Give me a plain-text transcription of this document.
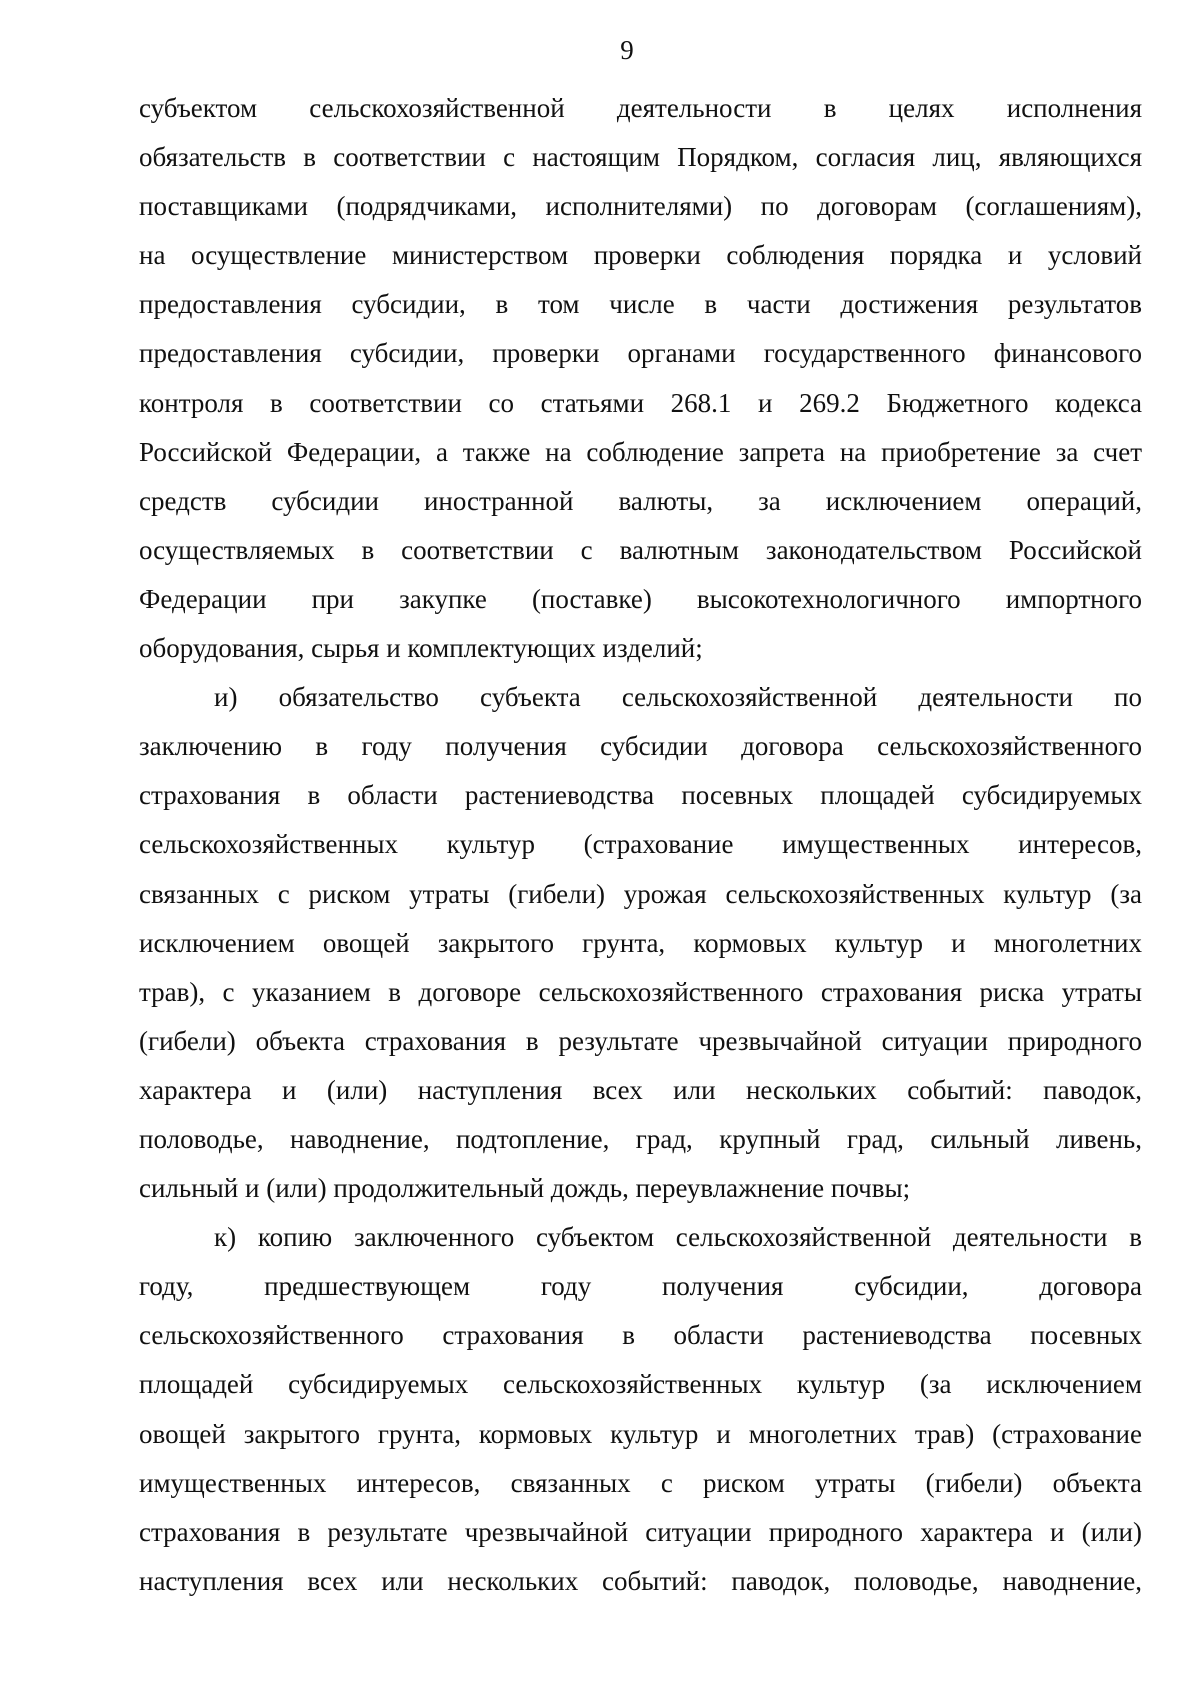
9
субъектом сельскохозяйственной деятельности в целях исполнения
обязательств в соответствии с настоящим Порядком, согласия лиц, являющихся
поставщиками (подрядчиками, исполнителями) по договорам (соглашениям),
на осуществление министерством проверки соблюдения порядка и условий
предоставления субсидии, в том числе в части достижения результатов
предоставления субсидии, проверки органами государственного финансового
контроля в соответствии со статьями 268.1 и 269.2 Бюджетного кодекса
Российской Федерации, а также на соблюдение запрета на приобретение за счет
средств субсидии иностранной валюты, за исключением операций,
осуществляемых в соответствии с валютным законодательством Российской
Федерации при закупке (поставке) высокотехнологичного импортного
оборудования, сырья и комплектующих изделий;
и) обязательство субъекта сельскохозяйственной деятельности по
заключению в году получения субсидии договора сельскохозяйственного
страхования в области растениеводства посевных площадей субсидируемых
сельскохозяйственных культур (страхование имущественных интересов,
связанных с риском утраты (гибели) урожая сельскохозяйственных культур (за
исключением овощей закрытого грунта, кормовых культур и многолетних
трав), с указанием в договоре сельскохозяйственного страхования риска утраты
(гибели) объекта страхования в результате чрезвычайной ситуации природного
характера и (или) наступления всех или нескольких событий: паводок,
половодье, наводнение, подтопление, град, крупный град, сильный ливень,
сильный и (или) продолжительный дождь, переувлажнение почвы;
к) копию заключенного субъектом сельскохозяйственной деятельности в
году, предшествующем году получения субсидии, договора
сельскохозяйственного страхования в области растениеводства посевных
площадей субсидируемых сельскохозяйственных культур (за исключением
овощей закрытого грунта, кормовых культур и многолетних трав) (страхование
имущественных интересов, связанных с риском утраты (гибели) объекта
страхования в результате чрезвычайной ситуации природного характера и (или)
наступления всех или нескольких событий: паводок, половодье, наводнение,
